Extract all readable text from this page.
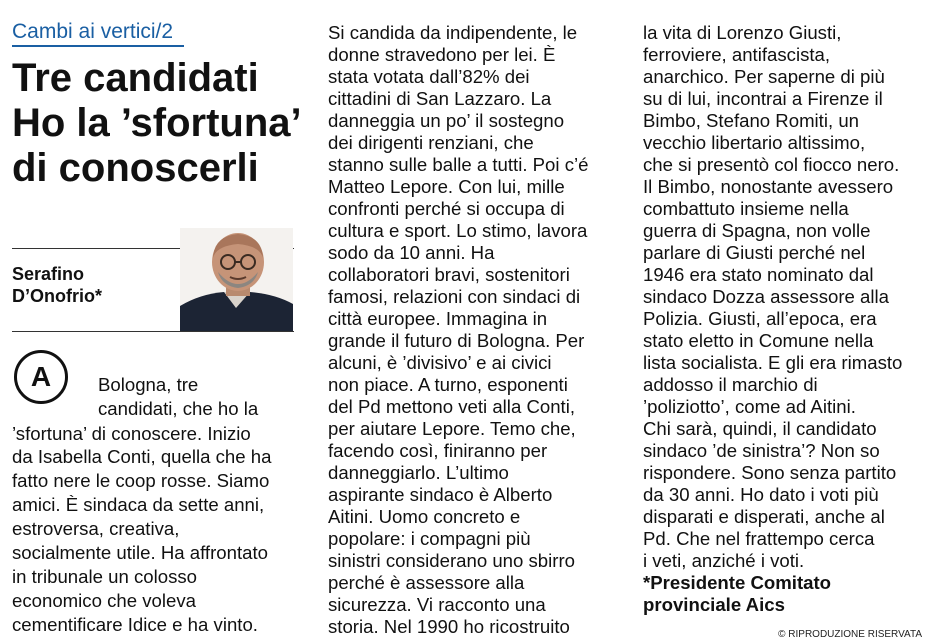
Cambi ai vertici/2
Tre candidati
Ho la ’sfortuna’
di conoscerli
Serafino
D’Onofrio*
A	Bologna, tre
candidati, che ho la
’sfortuna’ di conoscere. Inizio
da Isabella Conti, quella che ha
fatto nere le coop rosse. Siamo
amici. È sindaca da sette anni,
estroversa, creativa,
socialmente utile. Ha affrontato
in tribunale un colosso
economico che voleva
cementificare Idice e ha vinto.
Si candida da indipendente, le
donne stravedono per lei. È
stata votata dall’82% dei
cittadini di San Lazzaro. La
danneggia un po’ il sostegno
dei dirigenti renziani, che
stanno sulle balle a tutti. Poi c’é
Matteo Lepore. Con lui, mille
confronti perché si occupa di
cultura e sport. Lo stimo, lavora
sodo da 10 anni. Ha
collaboratori bravi, sostenitori
famosi, relazioni con sindaci di
città europee. Immagina in
grande il futuro di Bologna. Per
alcuni, è ’divisivo’ e ai civici
non piace. A turno, esponenti
del Pd mettono veti alla Conti,
per aiutare Lepore. Temo che,
facendo così, finiranno per
danneggiarlo. L’ultimo
aspirante sindaco è Alberto
Aitini. Uomo concreto e
popolare: i compagni più
sinistri considerano uno sbirro
perché è assessore alla
sicurezza. Vi racconto una
storia. Nel 1990 ho ricostruito
la vita di Lorenzo Giusti,
ferroviere, antifascista,
anarchico. Per saperne di più
su di lui, incontrai a Firenze il
Bimbo, Stefano Romiti, un
vecchio libertario altissimo,
che si presentò col fiocco nero.
Il Bimbo, nonostante avessero
combattuto insieme nella
guerra di Spagna, non volle
parlare di Giusti perché nel
1946 era stato nominato dal
sindaco Dozza assessore alla
Polizia. Giusti, all’epoca, era
stato eletto in Comune nella
lista socialista. E gli era rimasto
addosso il marchio di
’poliziotto’, come ad Aitini.
Chi sarà, quindi, il candidato
sindaco ’de sinistra’? Non so
rispondere. Sono senza partito
da 30 anni. Ho dato i voti più
disparati e disperati, anche al
Pd. Che nel frattempo cerca
i veti, anziché i voti.
*Presidente Comitato
provinciale Aics
© RIPRODUZIONE RISERVATA
